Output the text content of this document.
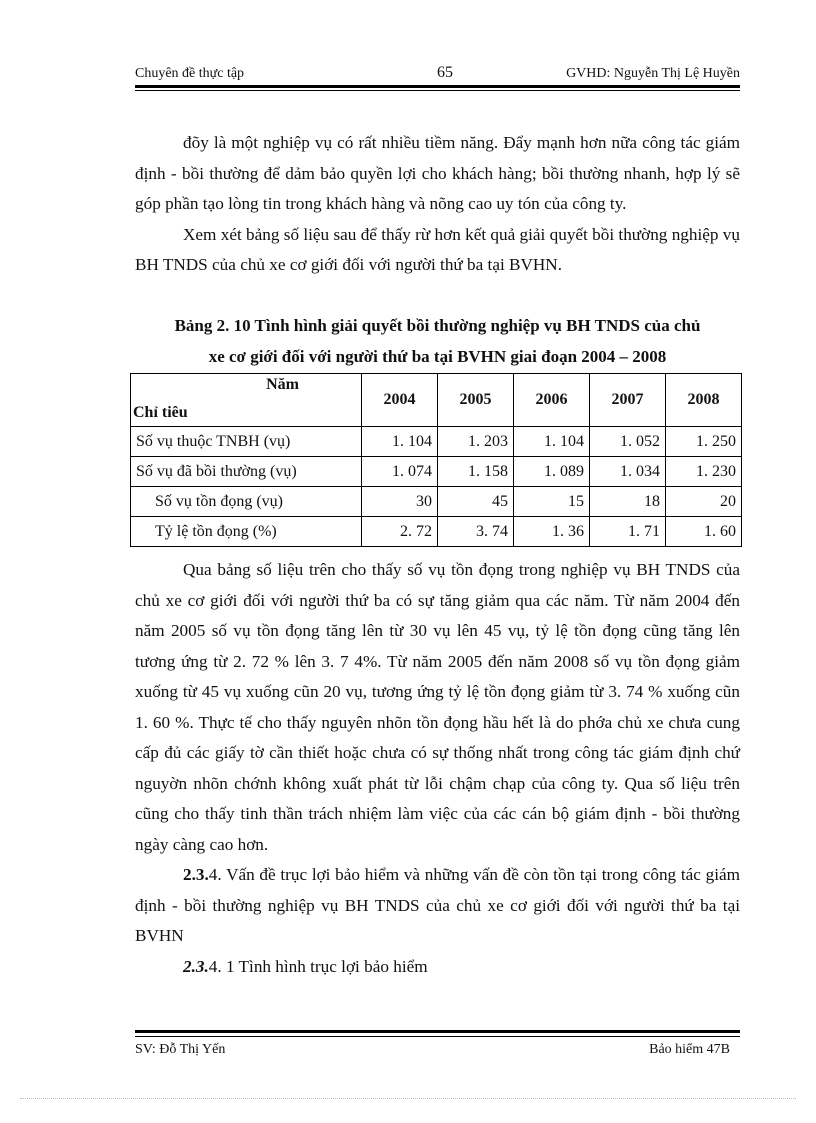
Chuyên đề thực tập	65	GVHD: Nguyễn Thị Lệ Huyền

đõy là một nghiệp vụ có rất nhiều tiềm năng. Đẩy mạnh hơn nữa công tác giám định - bồi thường để dảm bảo quyền lợi cho khách hàng; bồi thường nhanh, hợp lý sẽ góp phần tạo lòng tin trong khách hàng và nõng cao uy tón của công ty.

Xem xét bảng số liệu sau để thấy rừ hơn kết quả giải quyết bồi thường nghiệp vụ BH TNDS của chủ xe cơ giới đối với người thứ ba tại BVHN.

Bảng 2. 10 Tình hình giải quyết bồi thường nghiệp vụ BH TNDS của chủ
xe cơ giới đối với người thứ ba tại BVHN giai đoạn 2004 – 2008
Năm
Chỉ tiêu	2004	2005	2006	2007	2008
Số vụ thuộc TNBH (vụ)	1. 104	1. 203	1. 104	1. 052	1. 250
Số vụ đã bồi thường (vụ)	1. 074	1. 158	1. 089	1. 034	1. 230
Số vụ tồn đọng (vụ)	30	45	15	18	20
Tỷ lệ tồn đọng (%)	2. 72	3. 74	1. 36	1. 71	1. 60

Qua bảng số liệu trên cho thấy số vụ tồn đọng trong nghiệp vụ BH TNDS của chủ xe cơ giới đối với người thứ ba có sự tăng giảm qua các năm. Từ năm 2004 đến năm 2005 số vụ tồn đọng tăng lên từ 30 vụ lên 45 vụ, tỷ lệ tồn đọng cũng tăng lên tương ứng từ 2. 72 % lên 3. 7 4%. Từ năm 2005 đến năm 2008 số vụ tồn đọng giảm xuống từ 45 vụ xuống cũn 20 vụ, tương ứng tỷ lệ tồn đọng giảm từ 3. 74 % xuống cũn 1. 60 %. Thực tế cho thấy nguyên nhõn tồn đọng hầu hết là do phớa chủ xe chưa cung cấp đủ các giấy tờ cần thiết hoặc chưa có sự thống nhất trong công tác giám định chứ nguyờn nhõn chớnh không xuất phát từ lỗi chậm chạp của công ty. Qua số liệu trên cũng cho thấy tinh thần trách nhiệm làm việc của các cán bộ giám định - bồi thường ngày càng cao hơn.

2.3.4. Vấn đề trục lợi bảo hiểm và những vấn đề còn tồn tại trong công tác giám định - bồi thường nghiệp vụ BH TNDS của chủ xe cơ giới đối với người thứ ba tại BVHN

2.3.4. 1 Tình hình trục lợi bảo hiểm

SV: Đỗ Thị Yến	Bảo hiểm 47B
